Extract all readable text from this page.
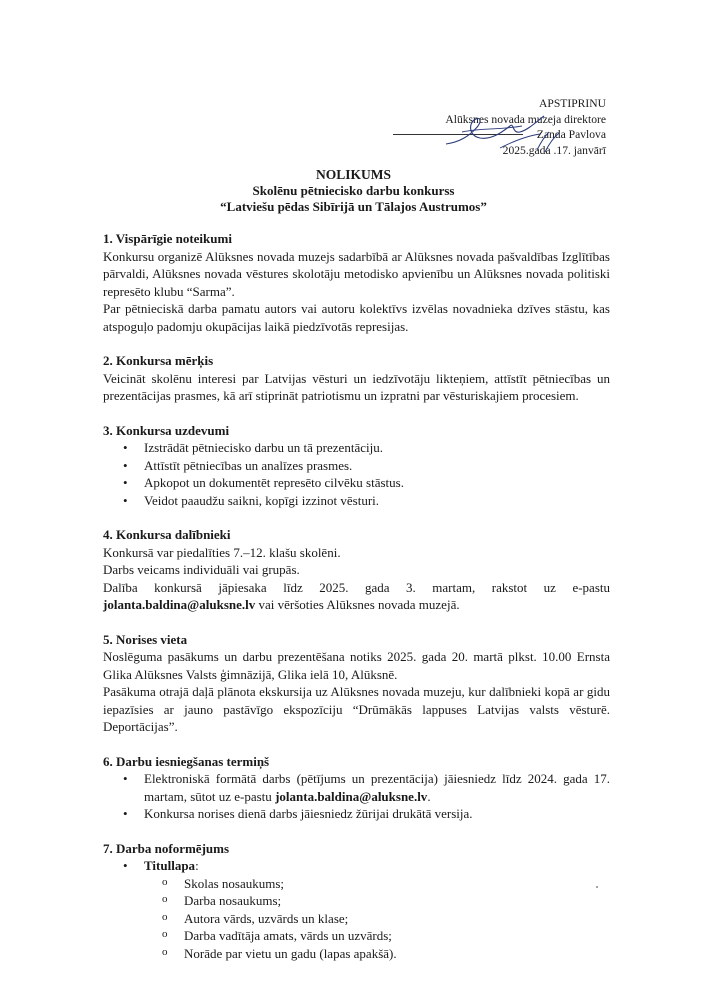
APSTIPRINU
Alūksnes novada muzeja direktore
Zanda Pavlova
2025.gada .17. janvārī
NOLIKUMS
Skolēnu pētniecisko darbu konkurss
“Latviešu pēdas Sibīrijā un Tālajos Austrumos”
1. Vispārīgie noteikumi

Konkursu organizē Alūksnes novada muzejs sadarbībā ar Alūksnes novada pašvaldības Izglītības pārvaldi, Alūksnes novada vēstures skolotāju metodisko apvienību un Alūksnes novada politiski represēto klubu “Sarma”.

Par pētnieciskā darba pamatu autors vai autoru kolektīvs izvēlas novadnieka dzīves stāstu, kas atspoguļo padomju okupācijas laikā piedzīvotās represijas.

2. Konkursa mērķis

Veicināt skolēnu interesi par Latvijas vēsturi un iedzīvotāju likteņiem, attīstīt pētniecības un prezentācijas prasmes, kā arī stiprināt patriotismu un izpratni par vēsturiskajiem procesiem.

3. Konkursa uzdevumi
• Izstrādāt pētniecisko darbu un tā prezentāciju.
• Attīstīt pētniecības un analīzes prasmes.
• Apkopot un dokumentēt represēto cilvēku stāstus.
• Veidot paaudžu saikni, kopīgi izzinot vēsturi.
4. Konkursa dalībnieki

Konkursā var piedalīties 7.–12. klašu skolēni.

Darbs veicams individuāli vai grupās.

Dalība konkursā jāpiesaka līdz 2025. gada 3. martam, rakstot uz e-pastu jolanta.baldina@aluksne.lv vai vēršoties Alūksnes novada muzejā.

5. Norises vieta

Noslēguma pasākums un darbu prezentēšana notiks 2025. gada 20. martā plkst. 10.00 Ernsta Glika Alūksnes Valsts ģimnāzijā, Glika ielā 10, Alūksnē.

Pasākuma otrajā daļā plānota ekskursija uz Alūksnes novada muzeju, kur dalībnieki kopā ar gidu iepazīsies ar jauno pastāvīgo ekspozīciju “Drūmākās lappuses Latvijas valsts vēsturē. Deportācijas”.

6. Darbu iesniegšanas termiņš
• Elektroniskā formātā darbs (pētījums un prezentācija) jāiesniedz līdz 2024. gada 17. martam, sūtot uz e-pastu jolanta.baldina@aluksne.lv.
• Konkursa norises dienā darbs jāiesniedz žūrijai drukātā versija.
7. Darba noformējums
• Titullapa:
o Skolas nosaukums;
o Darba nosaukums;
o Autora vārds, uzvārds un klase;
o Darba vadītāja amats, vārds un uzvārds;
o Norāde par vietu un gadu (lapas apakšā).
